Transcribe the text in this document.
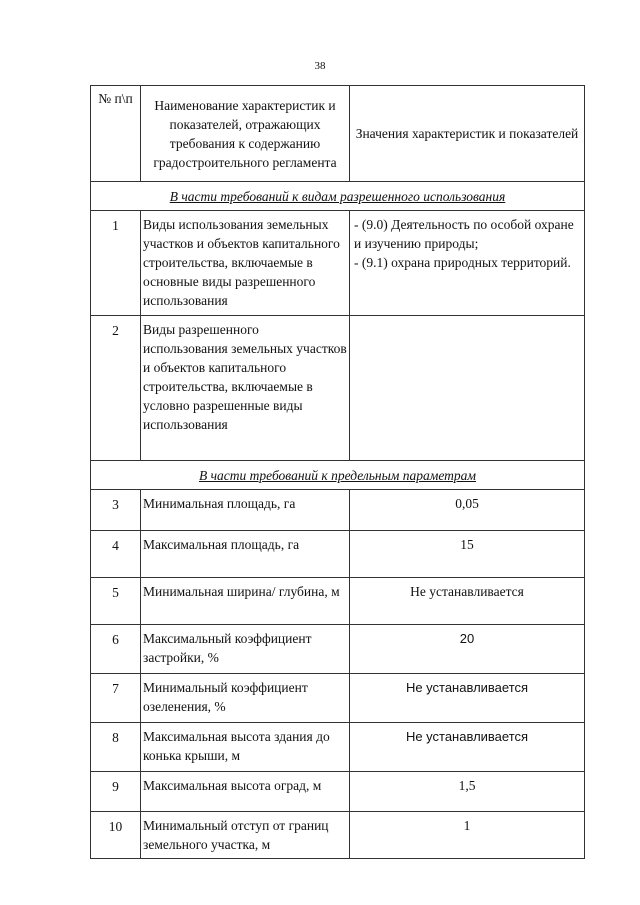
38
№ п\п	Наименование характеристик и показателей, отражающих требования к содержанию градостроительного регламента	Значения характеристик и показателей
В части требований к видам разрешенного использования		
1	Виды использования земельных участков и объектов капитального строительства, включаемые в основные виды разрешенного использования	- (9.0) Деятельность по особой охране и изучению природы;
- (9.1) охрана природных территорий.

2	Виды разрешенного использования земельных участков и объектов капитального строительства, включаемые в условно разрешенные виды использования	
В части требований к предельным параметрам		
3	Минимальная площадь, га	0,05
4	Максимальная площадь, га	15
5	Минимальная ширина/ глубина, м	Не устанавливается
6	Максимальный коэффициент застройки, %	20
7	Минимальный коэффициент озеленения, %	Не устанавливается
8	Максимальная высота здания до конька крыши, м	Не устанавливается
9	Максимальная высота оград, м	1,5
10	Минимальный отступ от границ земельного участка, м	1
